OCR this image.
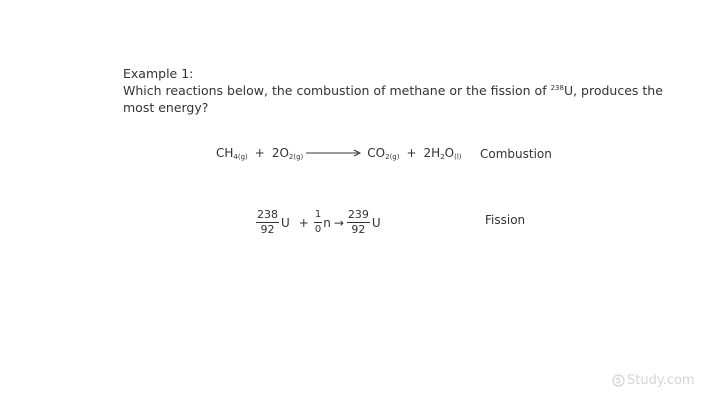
Example 1:
Which reactions below, the combustion of methane or the fission of $^{238}$U, produces the most energy?
CH 4(g) + 2O 2(g)	CO 2(g) + 2H 2 O (l) Combustion
$\frac{238}{92}$ $U + \frac{1}{0}$ $n \to \frac{239}{92}$ U	Fission
Study.com
